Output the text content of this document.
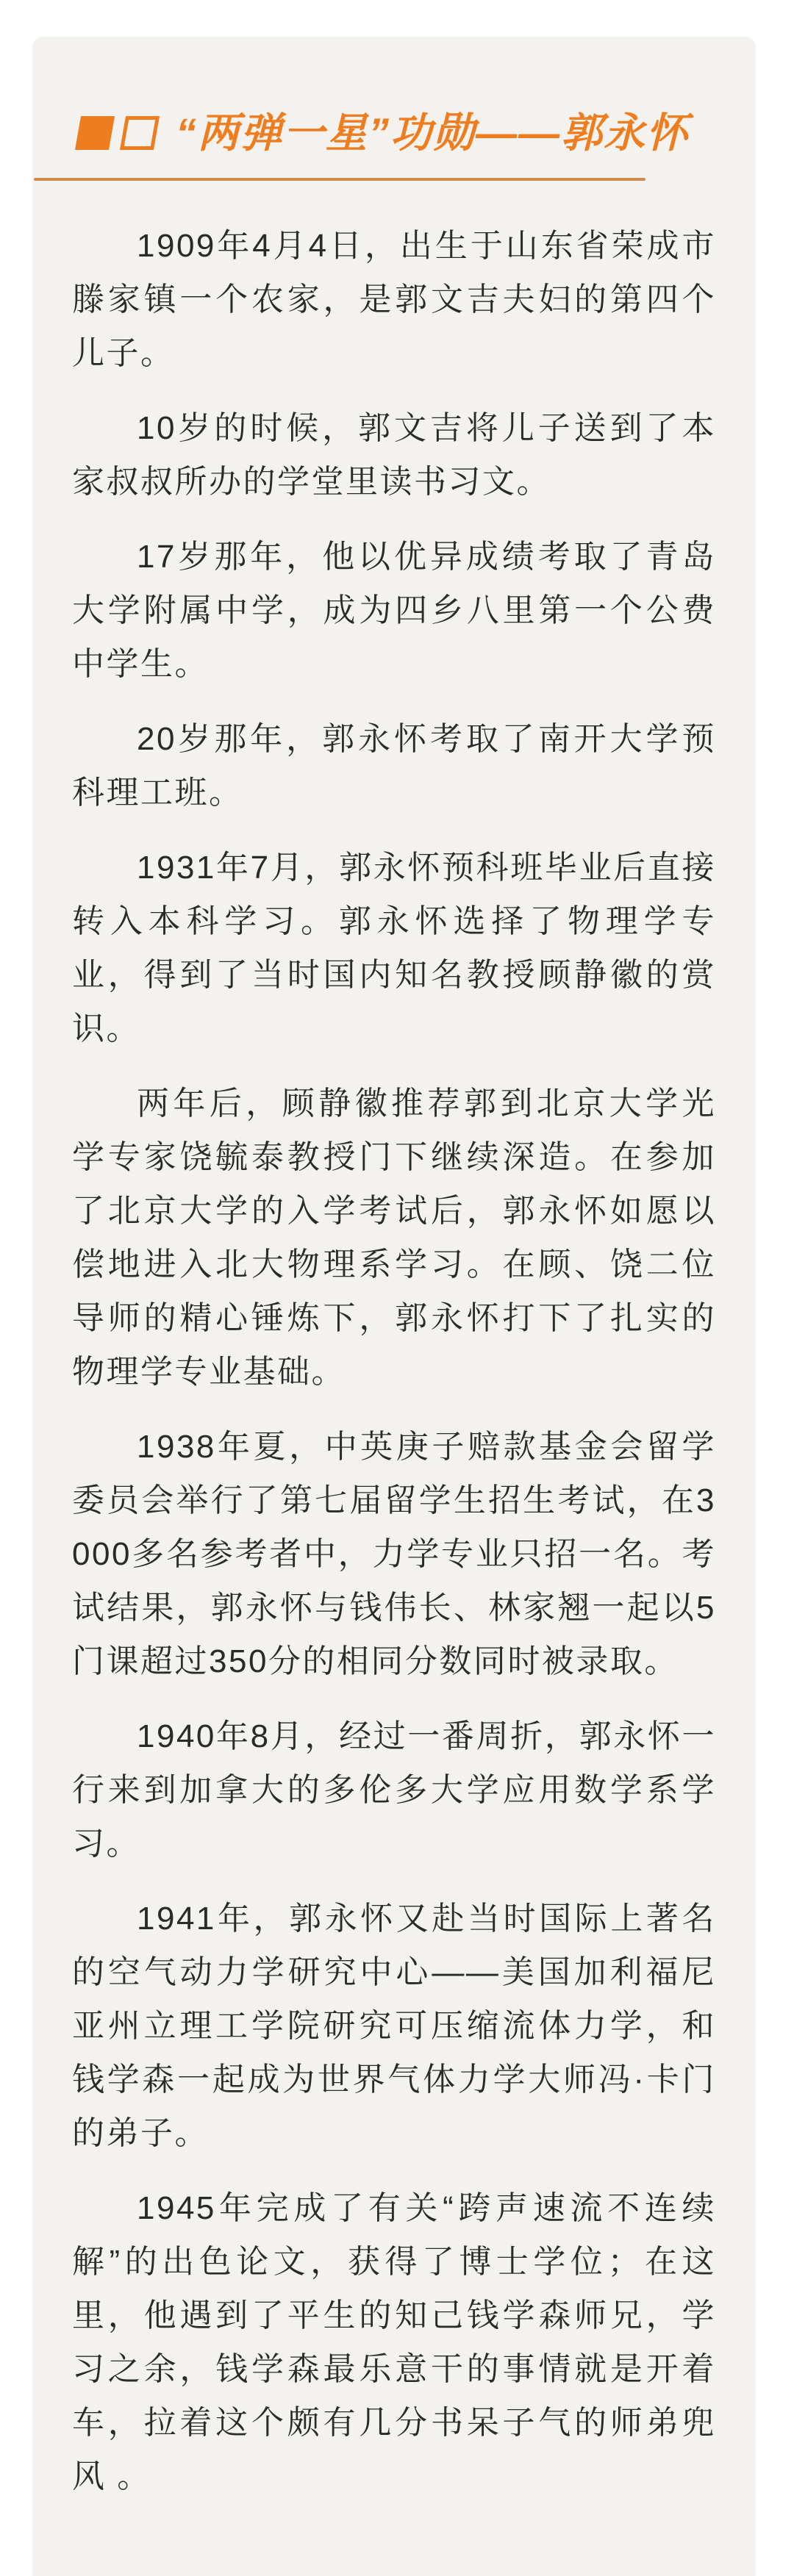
“两弹一星”功勋——郭永怀

1909年4月4日，出生于山东省荣成市滕家镇一个农家，是郭文吉夫妇的第四个儿子。

10岁的时候，郭文吉将儿子送到了本家叔叔所办的学堂里读书习文。

17岁那年，他以优异成绩考取了青岛大学附属中学，成为四乡八里第一个公费中学生。

20岁那年，郭永怀考取了南开大学预科理工班。

1931年7月，郭永怀预科班毕业后直接转入本科学习。郭永怀选择了物理学专业，得到了当时国内知名教授顾静徽的赏识。

两年后，顾静徽推荐郭到北京大学光学专家饶毓泰教授门下继续深造。在参加了北京大学的入学考试后，郭永怀如愿以偿地进入北大物理系学习。在顾、饶二位导师的精心锤炼下，郭永怀打下了扎实的物理学专业基础。

1938年夏，中英庚子赔款基金会留学委员会举行了第七届留学生招生考试，在3000多名参考者中，力学专业只招一名。考试结果，郭永怀与钱伟长、林家翘一起以5门课超过350分的相同分数同时被录取。

1940年8月，经过一番周折，郭永怀一行来到加拿大的多伦多大学应用数学系学习。

1941年，郭永怀又赴当时国际上著名的空气动力学研究中心——美国加利福尼亚州立理工学院研究可压缩流体力学，和钱学森一起成为世界气体力学大师冯·卡门的弟子。

1945年完成了有关“跨声速流不连续解”的出色论文，获得了博士学位；在这里，他遇到了平生的知己钱学森师兄，学习之余，钱学森最乐意干的事情就是开着车，拉着这个颇有几分书呆子气的师弟兜风 。
